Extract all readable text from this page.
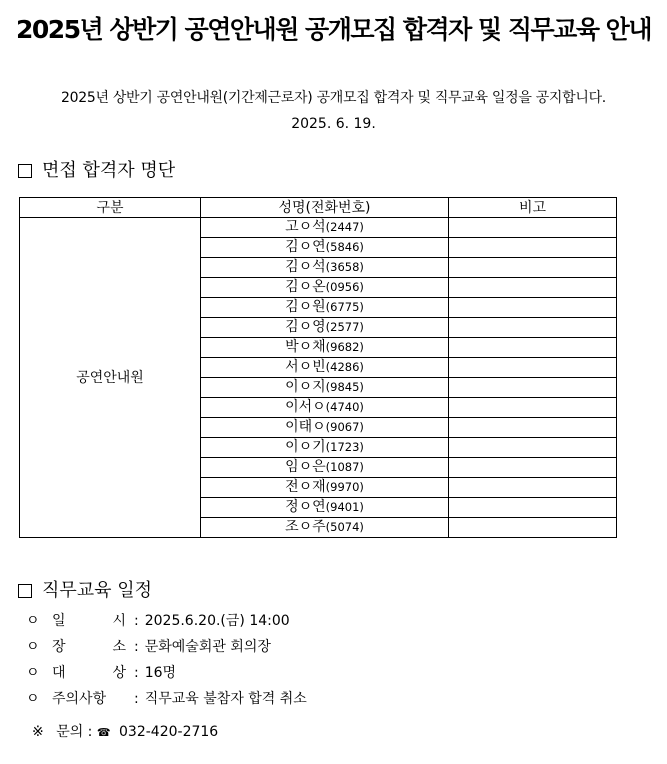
2025년 상반기 공연안내원 공개모집 합격자 및 직무교육 안내
2025년 상반기 공연안내원(기간제근로자) 공개모집 합격자 및 직무교육 일정을 공지합니다.
2025. 6. 19.
면접 합격자 명단
구분	성명(전화번호)	비고
공연안내원	고ㅇ석(2447)	
	김ㅇ연(5846)	
	김ㅇ석(3658)	
	김ㅇ온(0956)	
	김ㅇ원(6775)	
	김ㅇ영(2577)	
	박ㅇ채(9682)	
	서ㅇ빈(4286)	
	이ㅇ지(9845)	
	이서ㅇ(4740)	
	이태ㅇ(9067)	
	이ㅇ기(1723)	
	임ㅇ은(1087)	
	전ㅇ재(9970)	
	정ㅇ연(9401)	
	조ㅇ주(5074)	
직무교육 일정
ㅇ 일 시 : 2025.6.20.(금) 14:00
ㅇ 장 소 : 문화예술회관 회의장
ㅇ 대 상 : 16명
ㅇ 주의사항	: 직무교육 불참자 합격 취소
※ 문의 : ☎ 032-420-2716
